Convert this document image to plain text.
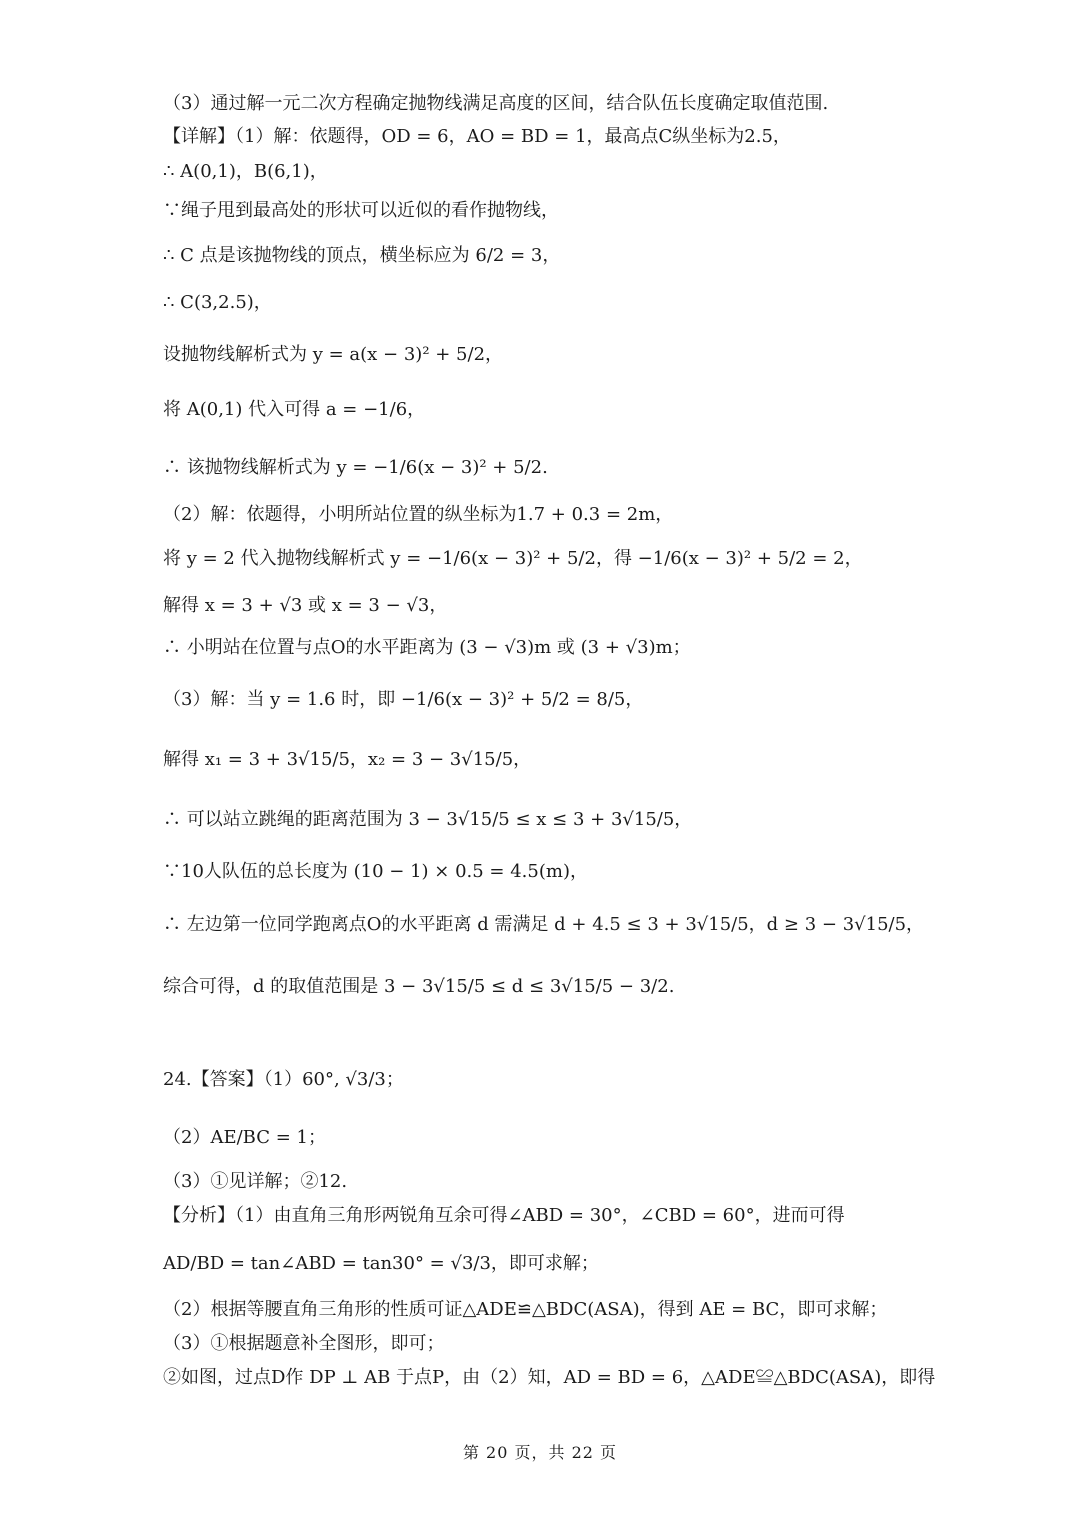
（3）通过解一元二次方程确定抛物线满足高度的区间，结合队伍长度确定取值范围.
【详解】（1）解：依题得，OD = 6，AO = BD = 1，最高点C纵坐标为2.5，
∴ A(0,1)，B(6,1)，
∵绳子甩到最高处的形状可以近似的看作抛物线，
∴ C 点是该抛物线的顶点，横坐标应为 6/2 = 3，
∴ C(3,2.5)，
设抛物线解析式为 y = a(x − 3)² + 5/2，
将 A(0,1) 代入可得 a = −1/6，
∴ 该抛物线解析式为 y = −1/6(x − 3)² + 5/2.
（2）解：依题得，小明所站位置的纵坐标为1.7 + 0.3 = 2m，
将 y = 2 代入抛物线解析式 y = −1/6(x − 3)² + 5/2，得 −1/6(x − 3)² + 5/2 = 2，
解得 x = 3 + √3 或 x = 3 − √3，
∴ 小明站在位置与点O的水平距离为 (3 − √3)m 或 (3 + √3)m；
（3）解：当 y = 1.6 时，即 −1/6(x − 3)² + 5/2 = 8/5，
解得 x₁ = 3 + 3√15/5，x₂ = 3 − 3√15/5，
∴ 可以站立跳绳的距离范围为 3 − 3√15/5 ≤ x ≤ 3 + 3√15/5，
∵10人队伍的总长度为 (10 − 1) × 0.5 = 4.5(m)，
∴ 左边第一位同学跑离点O的水平距离 d 需满足 d + 4.5 ≤ 3 + 3√15/5，d ≥ 3 − 3√15/5，
综合可得，d 的取值范围是 3 − 3√15/5 ≤ d ≤ 3√15/5 − 3/2.
24.【答案】（1）60°, √3/3；
（2）AE/BC = 1；
（3）①见详解；②12.
【分析】（1）由直角三角形两锐角互余可得∠ABD = 30°，∠CBD = 60°，进而可得
AD/BD = tan∠ABD = tan30° = √3/3，即可求解；
（2）根据等腰直角三角形的性质可证△ADE≌△BDC(ASA)，得到 AE = BC，即可求解；
（3）①根据题意补全图形，即可；
②如图，过点D作 DP ⊥ AB 于点P，由（2）知，AD = BD = 6，△ADE≌△BDC(ASA)，即得
第 20 页，共 22 页
